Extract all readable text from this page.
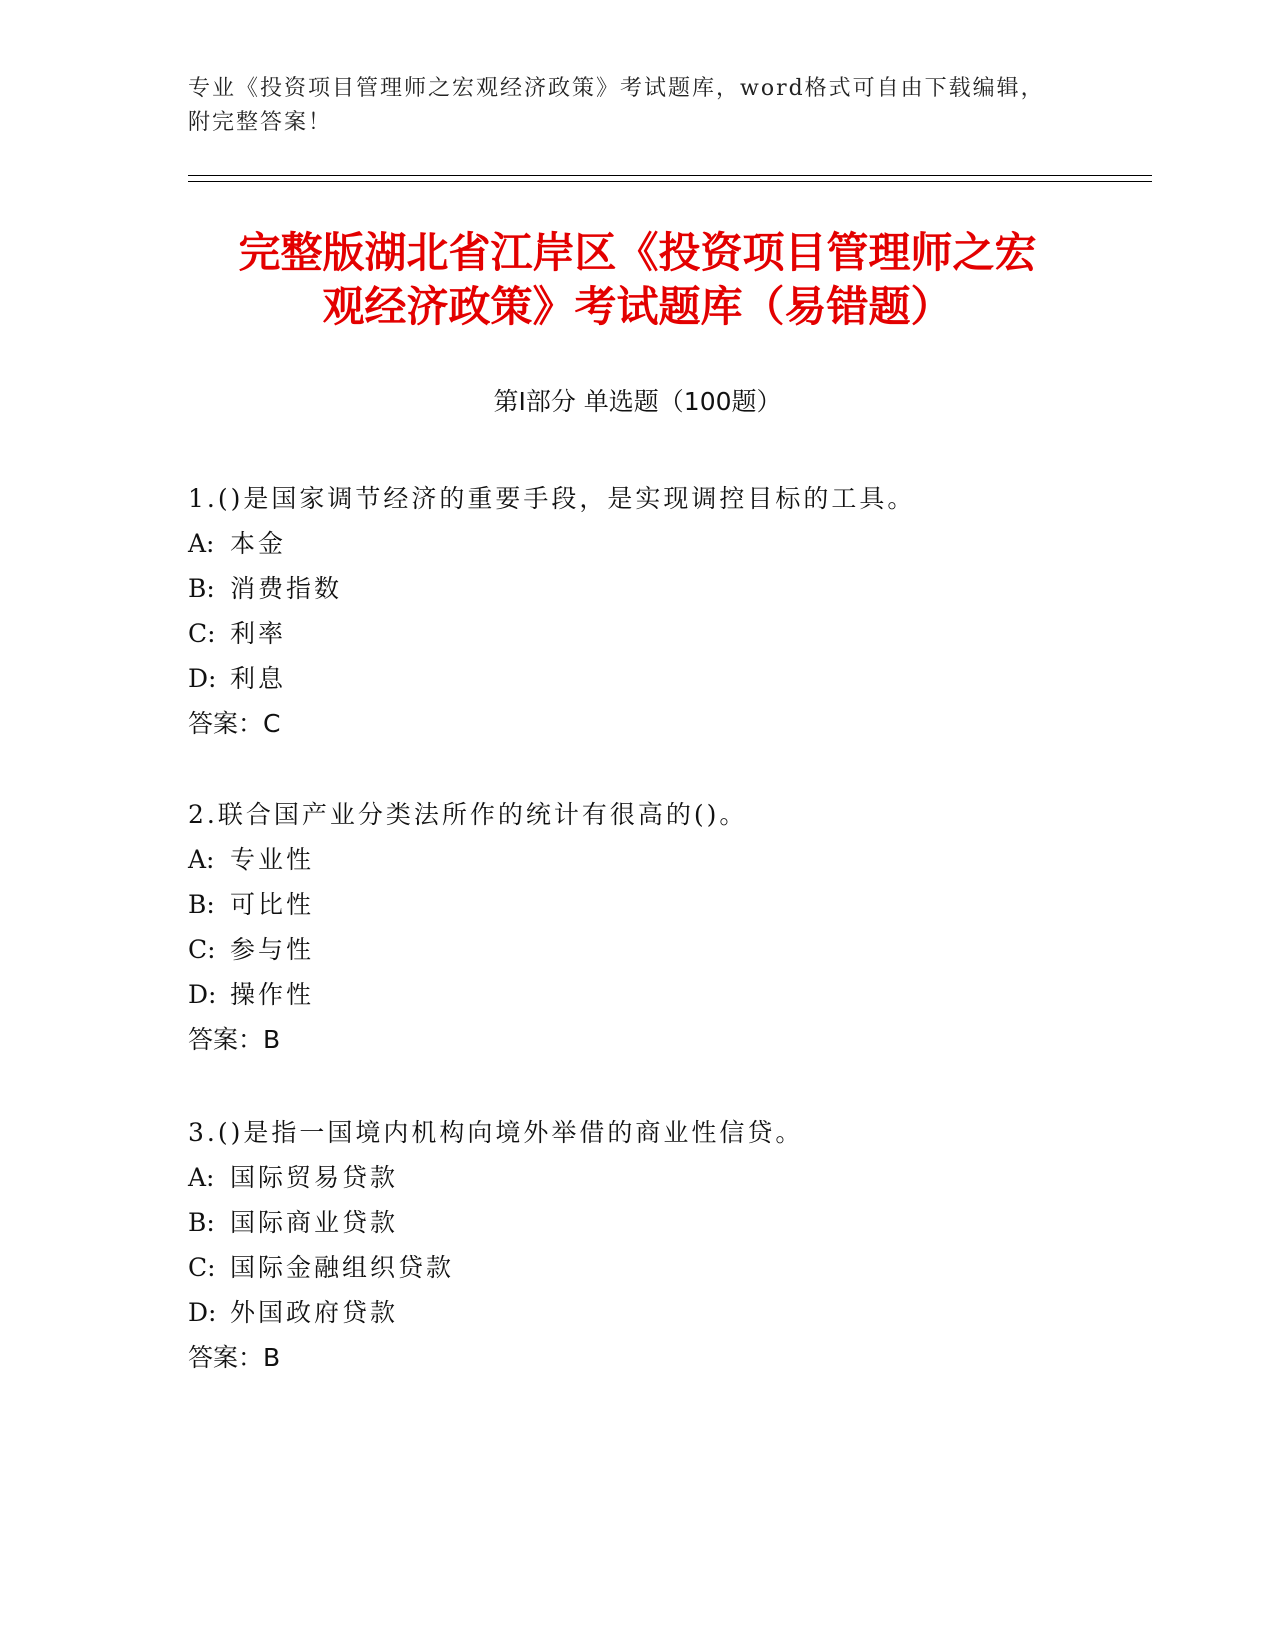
专业《投资项目管理师之宏观经济政策》考试题库，word格式可自由下载编辑，
附完整答案！
完整版湖北省江岸区《投资项目管理师之宏
观经济政策》考试题库（易错题）
第Ⅰ部分 单选题（100题）
1.()是国家调节经济的重要手段，是实现调控目标的工具。
A: 本金
B: 消费指数
C: 利率
D: 利息
答案：C
2.联合国产业分类法所作的统计有很高的()。
A: 专业性
B: 可比性
C: 参与性
D: 操作性
答案：B
3.()是指一国境内机构向境外举借的商业性信贷。
A: 国际贸易贷款
B: 国际商业贷款
C: 国际金融组织贷款
D: 外国政府贷款
答案：B
